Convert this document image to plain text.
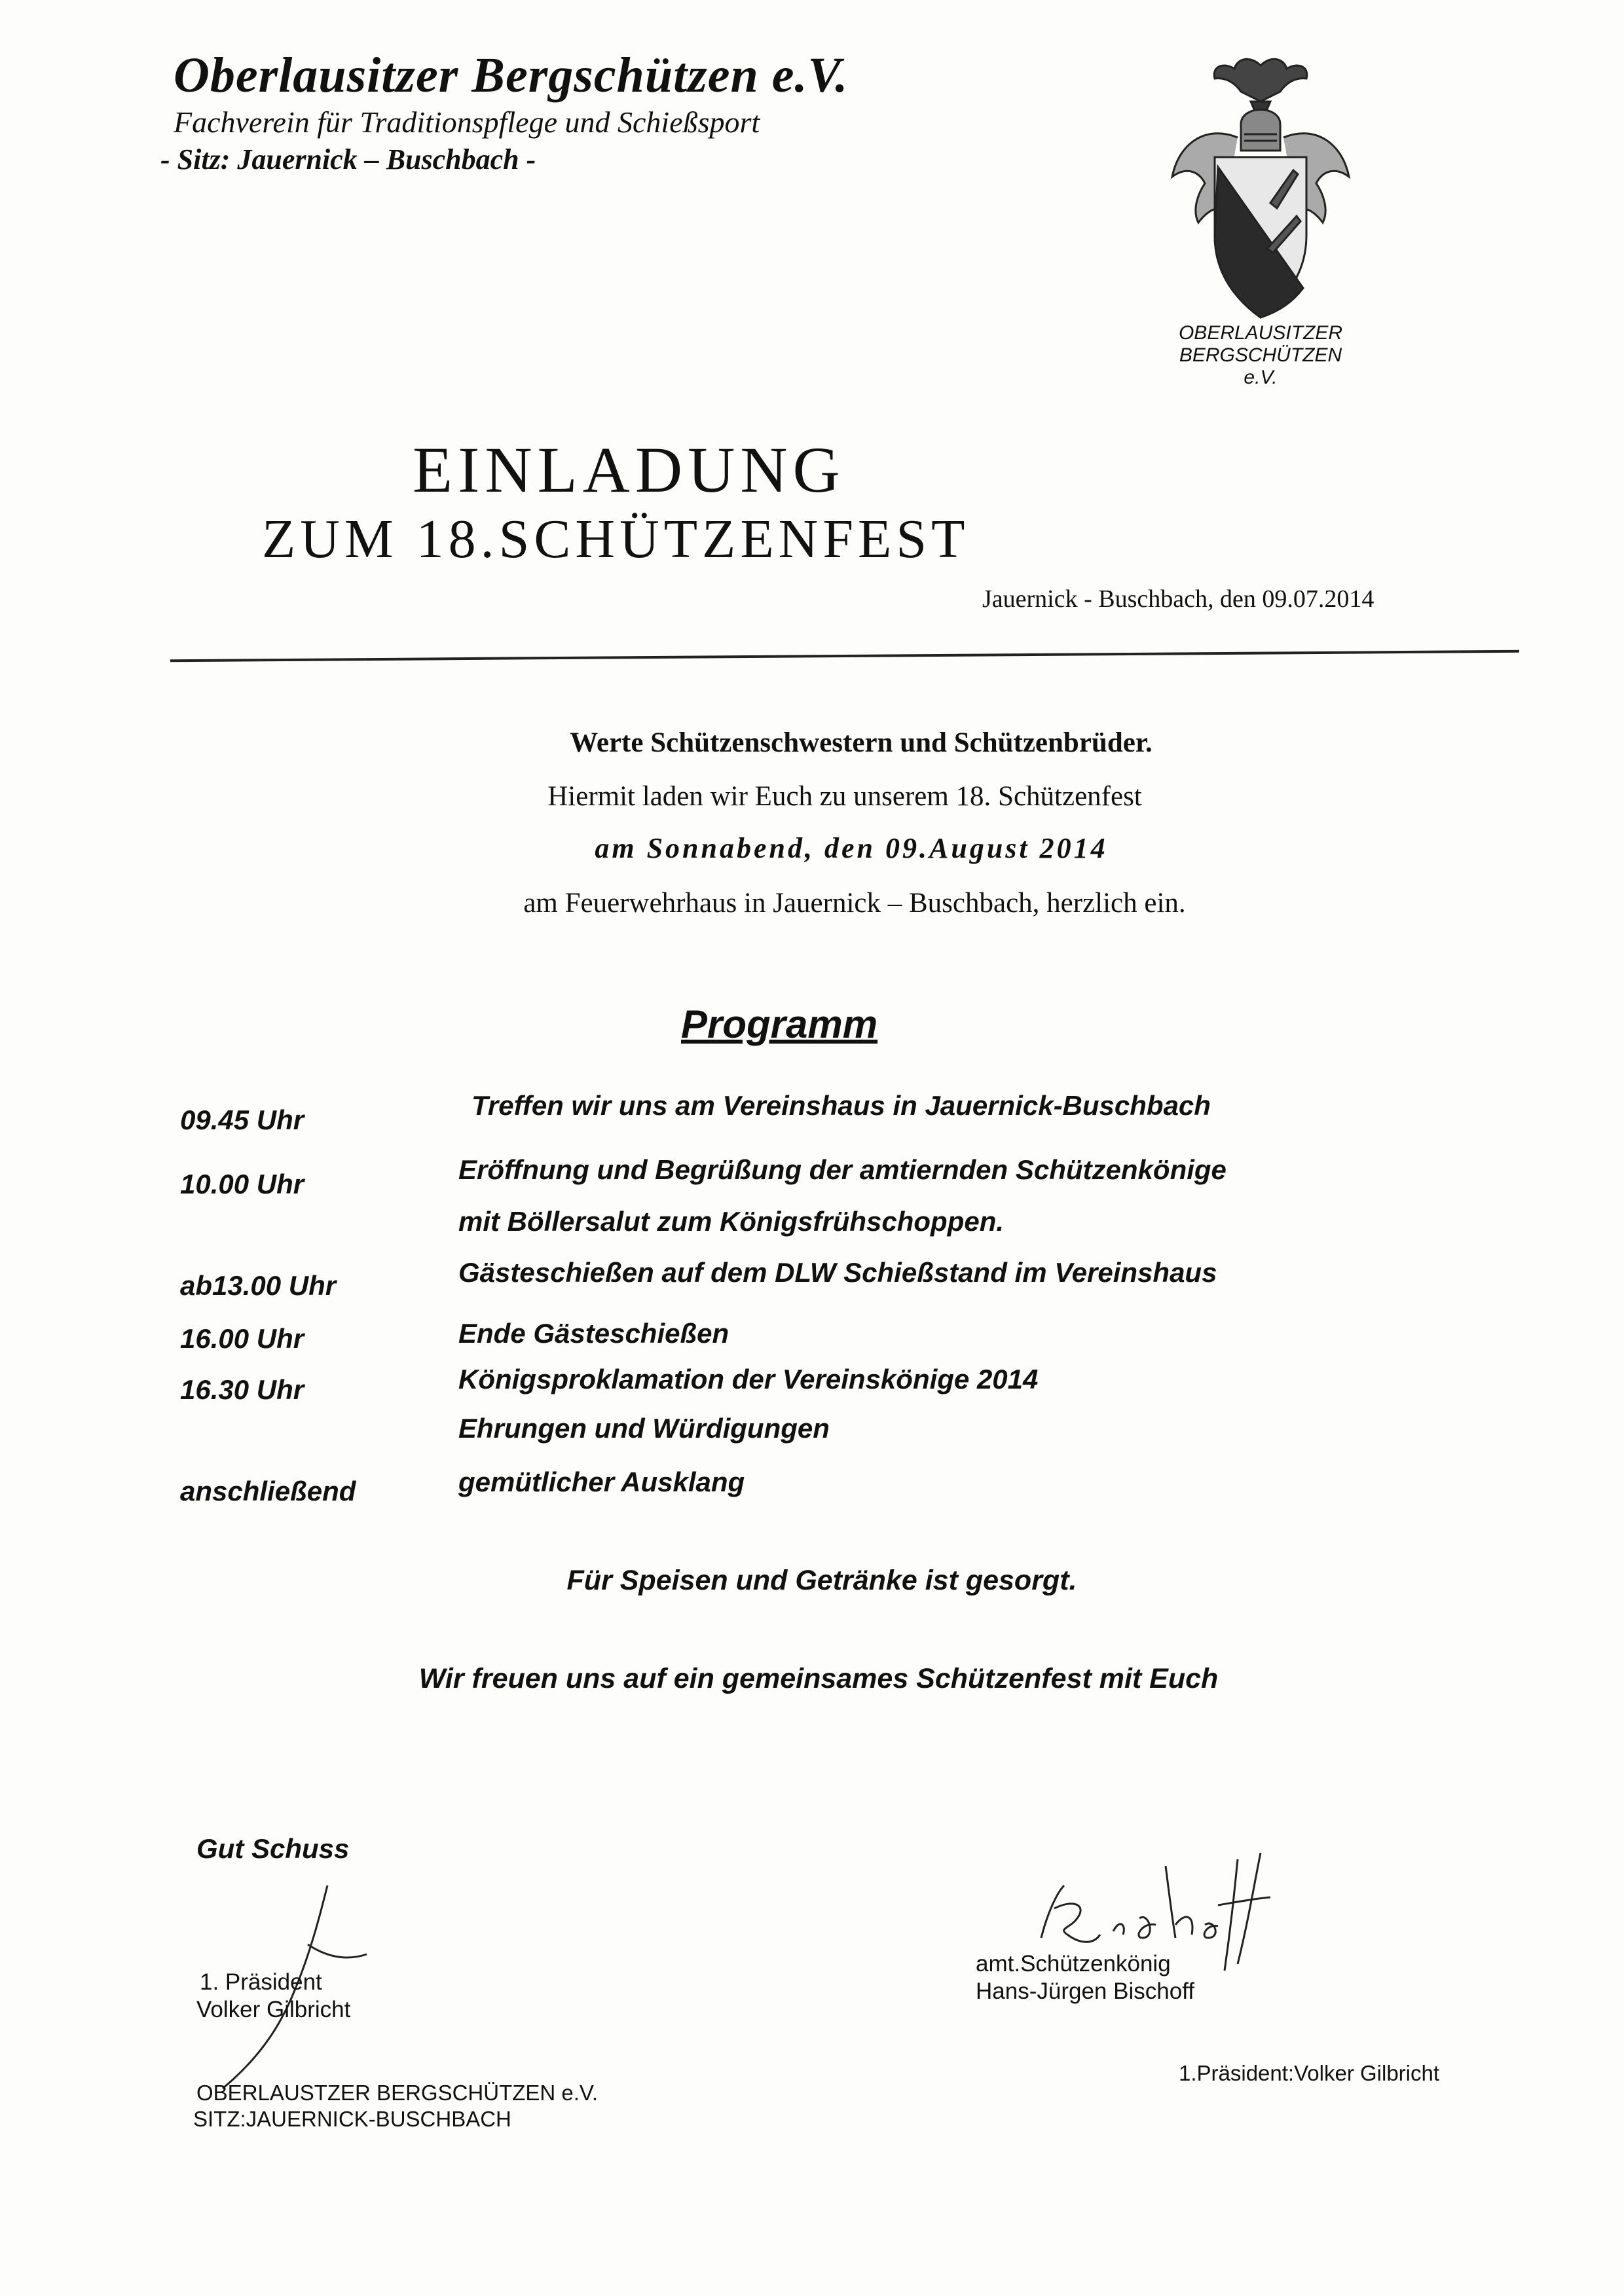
Oberlausitzer Bergschützen e.V.
Fachverein für Traditionspflege und Schießsport
- Sitz: Jauernick – Buschbach -
OBERLAUSITZER
BERGSCHÜTZEN
e.V.
EINLADUNG
ZUM 18.SCHÜTZENFEST
Jauernick - Buschbach, den 09.07.2014
Werte Schützenschwestern und Schützenbrüder.
Hiermit laden wir Euch zu unserem 18. Schützenfest
am Sonnabend, den 09.August 2014
am Feuerwehrhaus in Jauernick – Buschbach, herzlich ein.
Programm
09.45 Uhr	Treffen wir uns am Vereinshaus in Jauernick-Buschbach
10.00 Uhr	Eröffnung und Begrüßung der amtiernden Schützenkönige
mit Böllersalut zum Königsfrühschoppen.
ab13.00 Uhr	Gästeschießen auf dem DLW Schießstand im Vereinshaus
16.00 Uhr	Ende Gästeschießen
16.30 Uhr	Königsproklamation der Vereinskönige 2014
Ehrungen und Würdigungen
anschließend	gemütlicher Ausklang
Für Speisen und Getränke ist gesorgt.
Wir freuen uns auf ein gemeinsames Schützenfest mit Euch
Gut Schuss
1. Präsident
Volker Gilbricht
OBERLAUSTZER BERGSCHÜTZEN e.V.
SITZ:JAUERNICK-BUSCHBACH
amt.Schützenkönig
Hans-Jürgen Bischoff
1.Präsident:Volker Gilbricht
